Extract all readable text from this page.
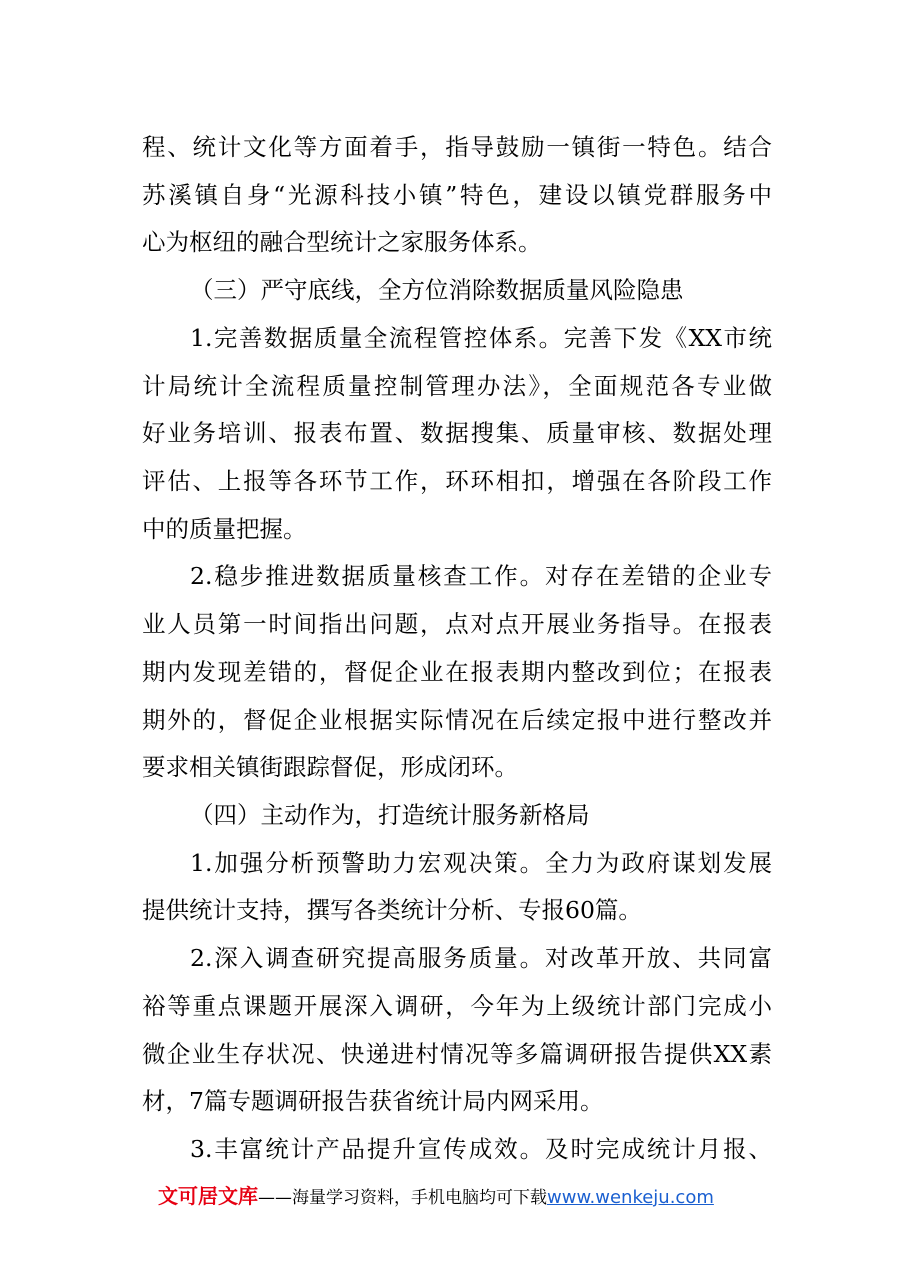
程、统计文化等方面着手，指导鼓励一镇街一特色。结合
苏溪镇自身“光源科技小镇”特色，建设以镇党群服务中
心为枢纽的融合型统计之家服务体系。
（三）严守底线，全方位消除数据质量风险隐患
1.完善数据质量全流程管控体系。完善下发《XX市统
计局统计全流程质量控制管理办法》，全面规范各专业做
好业务培训、报表布置、数据搜集、质量审核、数据处理
评估、上报等各环节工作，环环相扣，增强在各阶段工作
中的质量把握。
2.稳步推进数据质量核查工作。对存在差错的企业专
业人员第一时间指出问题，点对点开展业务指导。在报表
期内发现差错的，督促企业在报表期内整改到位；在报表
期外的，督促企业根据实际情况在后续定报中进行整改并
要求相关镇街跟踪督促，形成闭环。
（四）主动作为，打造统计服务新格局
1.加强分析预警助力宏观决策。全力为政府谋划发展
提供统计支持，撰写各类统计分析、专报60篇。
2.深入调查研究提高服务质量。对改革开放、共同富
裕等重点课题开展深入调研，今年为上级统计部门完成小
微企业生存状况、快递进村情况等多篇调研报告提供XX素
材，7篇专题调研报告获省统计局内网采用。
3.丰富统计产品提升宣传成效。及时完成统计月报、
文可居文库——海量学习资料，手机电脑均可下载www.wenkeju.com
